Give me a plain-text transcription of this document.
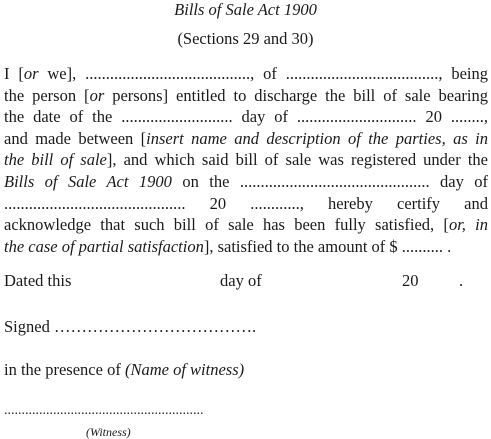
Bills of Sale Act 1900
(Sections 29 and 30)
I [or we], ........................................, of ....................................., being
the person [or persons] entitled to discharge the bill of sale bearing
the date of the ........................... day of ............................. 20 ........,
and made between [insert name and description of the parties, as in
the bill of sale], and which said bill of sale was registered under the
Bills of Sale Act 1900 on the .............................................. day of
............................................ 20 ............, hereby certify and
acknowledge that such bill of sale has been fully satisfied, [or, in
the case of partial satisfaction], satisfied to the amount of $ .......... .
Dated this	day of	20 .
Signed ……………………………….
in the presence of (Name of witness)
.........................................................
(Witness)
